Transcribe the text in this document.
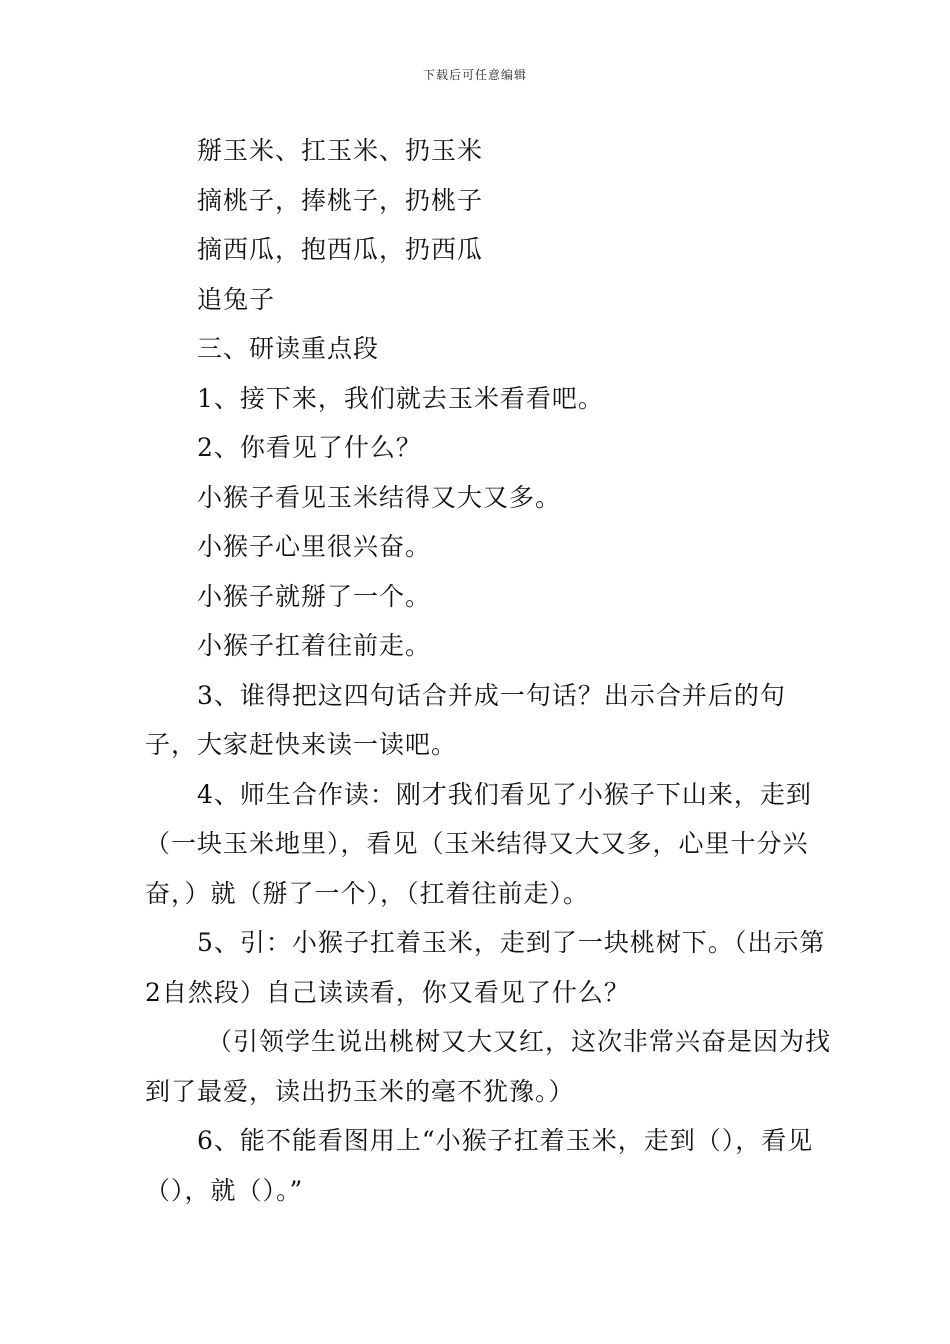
下载后可任意编辑

掰玉米、扛玉米、扔玉米

摘桃子，捧桃子，扔桃子

摘西瓜，抱西瓜，扔西瓜

追兔子

三、研读重点段

1、接下来，我们就去玉米看看吧。

2、你看见了什么？

小猴子看见玉米结得又大又多。

小猴子心里很兴奋。

小猴子就掰了一个。

小猴子扛着往前走。

3、谁得把这四句话合并成一句话？出示合并后的句子，大家赶快来读一读吧。

4、师生合作读：刚才我们看见了小猴子下山来，走到（一块玉米地里），看见（玉米结得又大又多，心里十分兴奋，）就（掰了一个），（扛着往前走）。

5、引：小猴子扛着玉米，走到了一块桃树下。（出示第2自然段）自己读读看，你又看见了什么？

（引领学生说出桃树又大又红，这次非常兴奋是因为找到了最爱，读出扔玉米的毫不犹豫。）

6、能不能看图用上“小猴子扛着玉米，走到（），看见（），就（）。”
